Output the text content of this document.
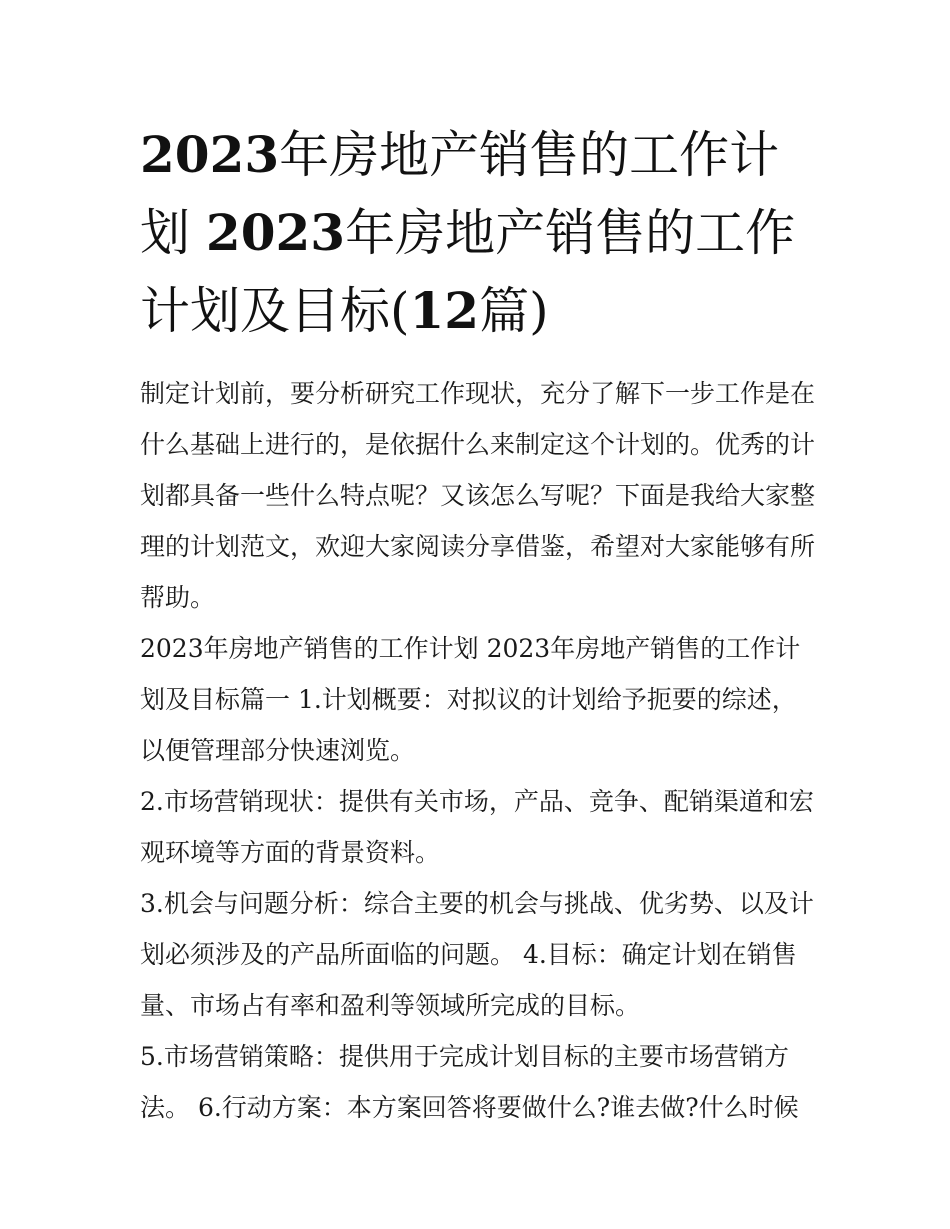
2023年房地产销售的工作计划 2023年房地产销售的工作计划及目标(12篇)

制定计划前，要分析研究工作现状，充分了解下一步工作是在什么基础上进行的，是依据什么来制定这个计划的。优秀的计划都具备一些什么特点呢？又该怎么写呢？下面是我给大家整理的计划范文，欢迎大家阅读分享借鉴，希望对大家能够有所帮助。

2023年房地产销售的工作计划 2023年房地产销售的工作计划及目标篇一 1.计划概要：对拟议的计划给予扼要的综述，以便管理部分快速浏览。

2.市场营销现状：提供有关市场，产品、竞争、配销渠道和宏观环境等方面的背景资料。

3.机会与问题分析：综合主要的机会与挑战、优劣势、以及计划必须涉及的产品所面临的问题。 4.目标：确定计划在销售量、市场占有率和盈利等领域所完成的目标。

5.市场营销策略：提供用于完成计划目标的主要市场营销方法。 6.行动方案：本方案回答将要做什么?谁去做?什么时候
